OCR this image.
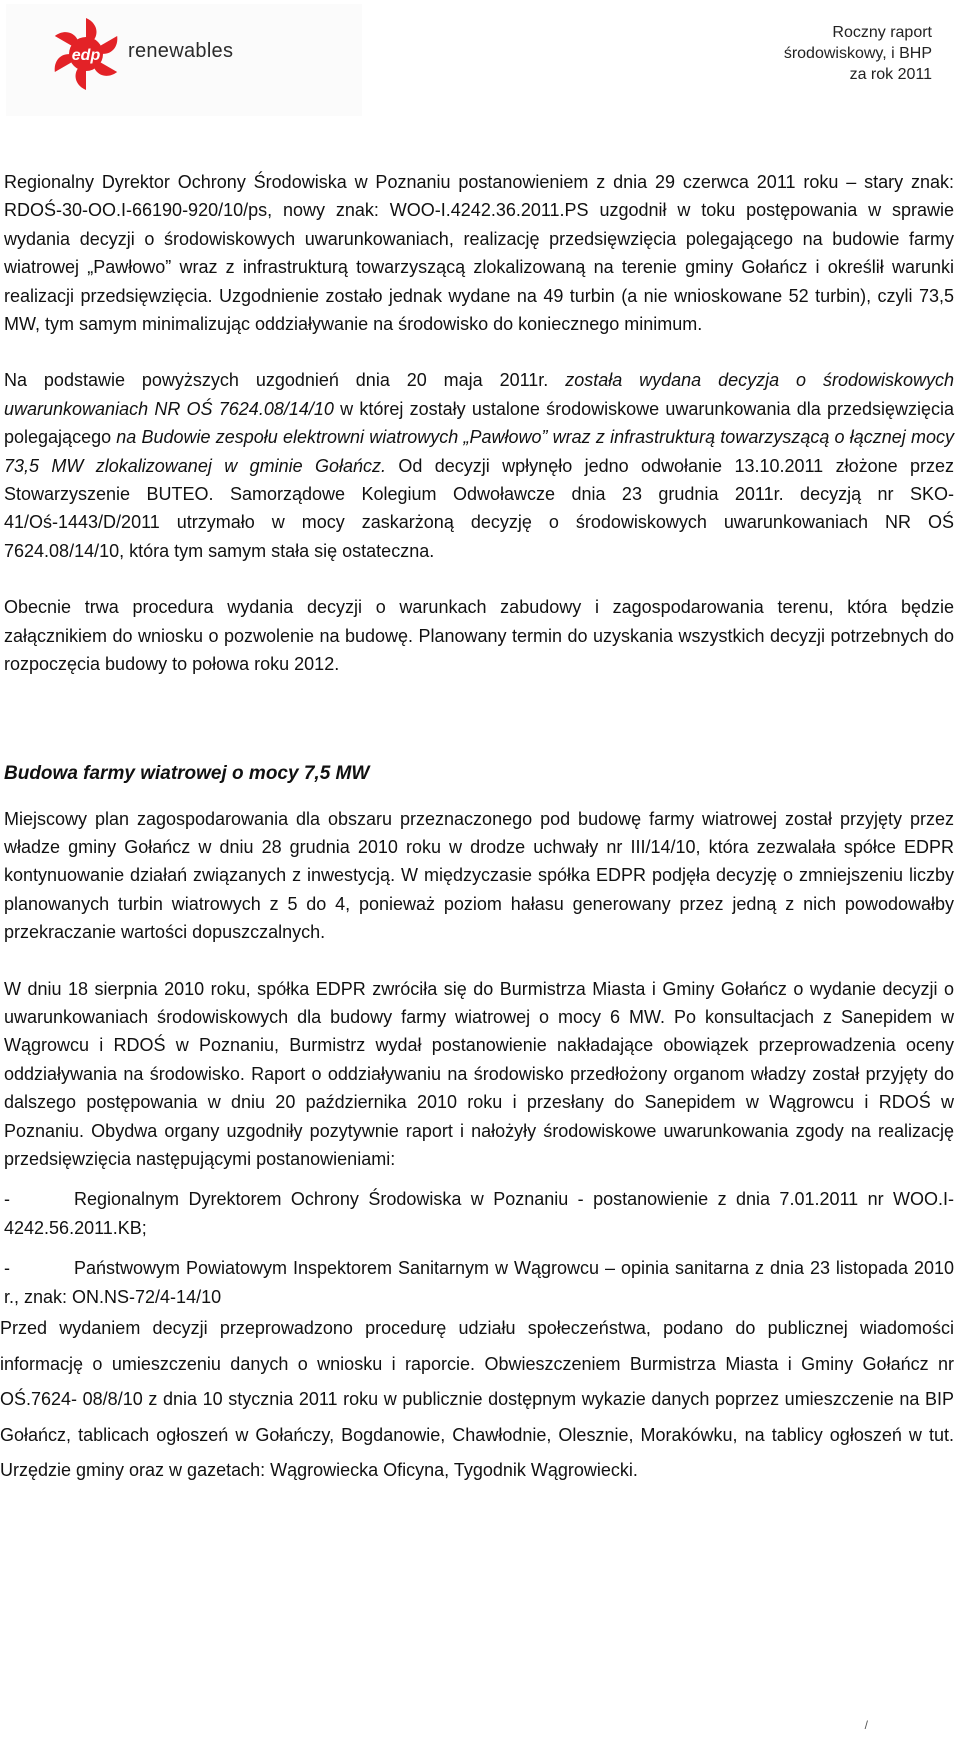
edp renewables
Roczny raport
środowiskowy, i BHP
za rok 2011

Regionalny Dyrektor Ochrony Środowiska w Poznaniu postanowieniem z dnia 29 czerwca 2011 roku – stary znak: RDOŚ-30-OO.I-66190-920/10/ps, nowy znak: WOO-I.4242.36.2011.PS uzgodnił w toku postępowania w sprawie wydania decyzji o środowiskowych uwarunkowaniach, realizację przedsięwzięcia polegającego na budowie farmy wiatrowej „Pawłowo” wraz z infrastrukturą towarzyszącą zlokalizowaną na terenie gminy Gołańcz i określił warunki realizacji przedsięwzięcia. Uzgodnienie zostało jednak wydane na 49 turbin (a nie wnioskowane 52 turbin), czyli 73,5 MW, tym samym minimalizując oddziaływanie na środowisko do koniecznego minimum.

Na podstawie powyższych uzgodnień dnia 20 maja 2011r. została wydana decyzja o środowiskowych uwarunkowaniach NR OŚ 7624.08/14/10 w której zostały ustalone środowiskowe uwarunkowania dla przedsięwzięcia polegającego na Budowie zespołu elektrowni wiatrowych „Pawłowo” wraz z infrastrukturą towarzyszącą o łącznej mocy 73,5 MW zlokalizowanej w gminie Gołańcz. Od decyzji wpłynęło jedno odwołanie 13.10.2011 złożone przez Stowarzyszenie BUTEO. Samorządowe Kolegium Odwoławcze dnia 23 grudnia 2011r. decyzją nr SKO-41/Oś-1443/D/2011 utrzymało w mocy zaskarżoną decyzję o środowiskowych uwarunkowaniach NR OŚ 7624.08/14/10, która tym samym stała się ostateczna.

Obecnie trwa procedura wydania decyzji o warunkach zabudowy i zagospodarowania terenu, która będzie załącznikiem do wniosku o pozwolenie na budowę. Planowany termin do uzyskania wszystkich decyzji potrzebnych do rozpoczęcia budowy to połowa roku 2012.

Budowa farmy wiatrowej o mocy 7,5 MW

Miejscowy plan zagospodarowania dla obszaru przeznaczonego pod budowę farmy wiatrowej został przyjęty przez władze gminy Gołańcz w dniu 28 grudnia 2010 roku w drodze uchwały nr III/14/10, która zezwalała spółce EDPR kontynuowanie działań związanych z inwestycją. W międzyczasie spółka EDPR podjęła decyzję o zmniejszeniu liczby planowanych turbin wiatrowych z 5 do 4, ponieważ poziom hałasu generowany przez jedną z nich powodowałby przekraczanie wartości dopuszczalnych.

W dniu 18 sierpnia 2010 roku, spółka EDPR zwróciła się do Burmistrza Miasta i Gminy Gołańcz o wydanie decyzji o uwarunkowaniach środowiskowych dla budowy farmy wiatrowej o mocy 6 MW. Po konsultacjach z Sanepidem w Wągrowcu i RDOŚ w Poznaniu, Burmistrz wydał postanowienie nakładające obowiązek przeprowadzenia oceny oddziaływania na środowisko. Raport o oddziaływaniu na środowisko przedłożony organom władzy został przyjęty do dalszego postępowania w dniu 20 października 2010 roku i przesłany do Sanepidem w Wągrowcu i RDOŚ w Poznaniu. Obydwa organy uzgodniły pozytywnie raport i nałożyły środowiskowe uwarunkowania zgody na realizację przedsięwzięcia następującymi postanowieniami:

-	Regionalnym Dyrektorem Ochrony Środowiska w Poznaniu - postanowienie z dnia 7.01.2011 nr WOO.I-4242.56.2011.KB;
-	Państwowym Powiatowym Inspektorem Sanitarnym w Wągrowcu – opinia sanitarna z dnia 23 listopada 2010 r., znak: ON.NS-72/4-14/10

Przed wydaniem decyzji przeprowadzono procedurę udziału społeczeństwa, podano do publicznej wiadomości informację o umieszczeniu danych o wniosku i raporcie. Obwieszczeniem Burmistrza Miasta i Gminy Gołańcz nr OŚ.7624- 08/8/10 z dnia 10 stycznia 2011 roku w publicznie dostępnym wykazie danych poprzez umieszczenie na BIP Gołańcz, tablicach ogłoszeń w Gołańczy, Bogdanowie, Chawłodnie, Olesznie, Morakówku, na tablicy ogłoszeń w tut. Urzędzie gminy oraz w gazetach: Wągrowiecka Oficyna, Tygodnik Wągrowiecki.

/
